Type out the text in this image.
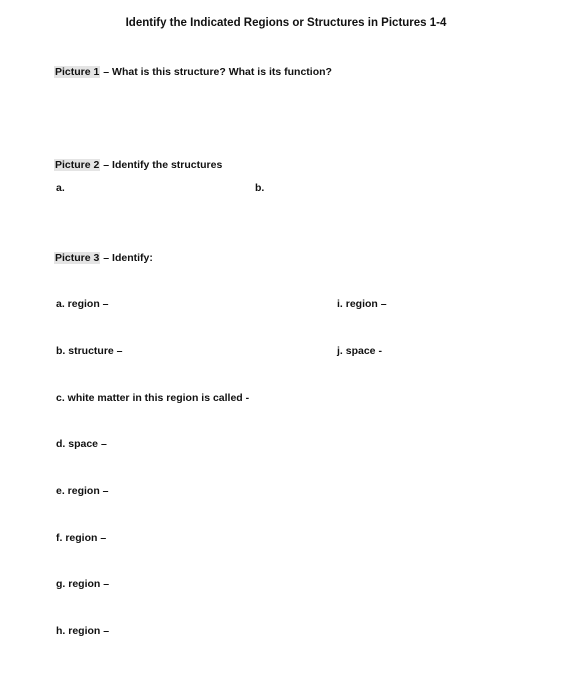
Identify the Indicated Regions or Structures in Pictures 1-4
Picture 1 – What is this structure? What is its function?
Picture 2 – Identify the structures
a.	b.
Picture 3 – Identify:
a. region –	i. region –
b. structure –	j. space -
c. white matter in this region is called -
d. space –
e. region –
f. region –
g. region –
h. region –
